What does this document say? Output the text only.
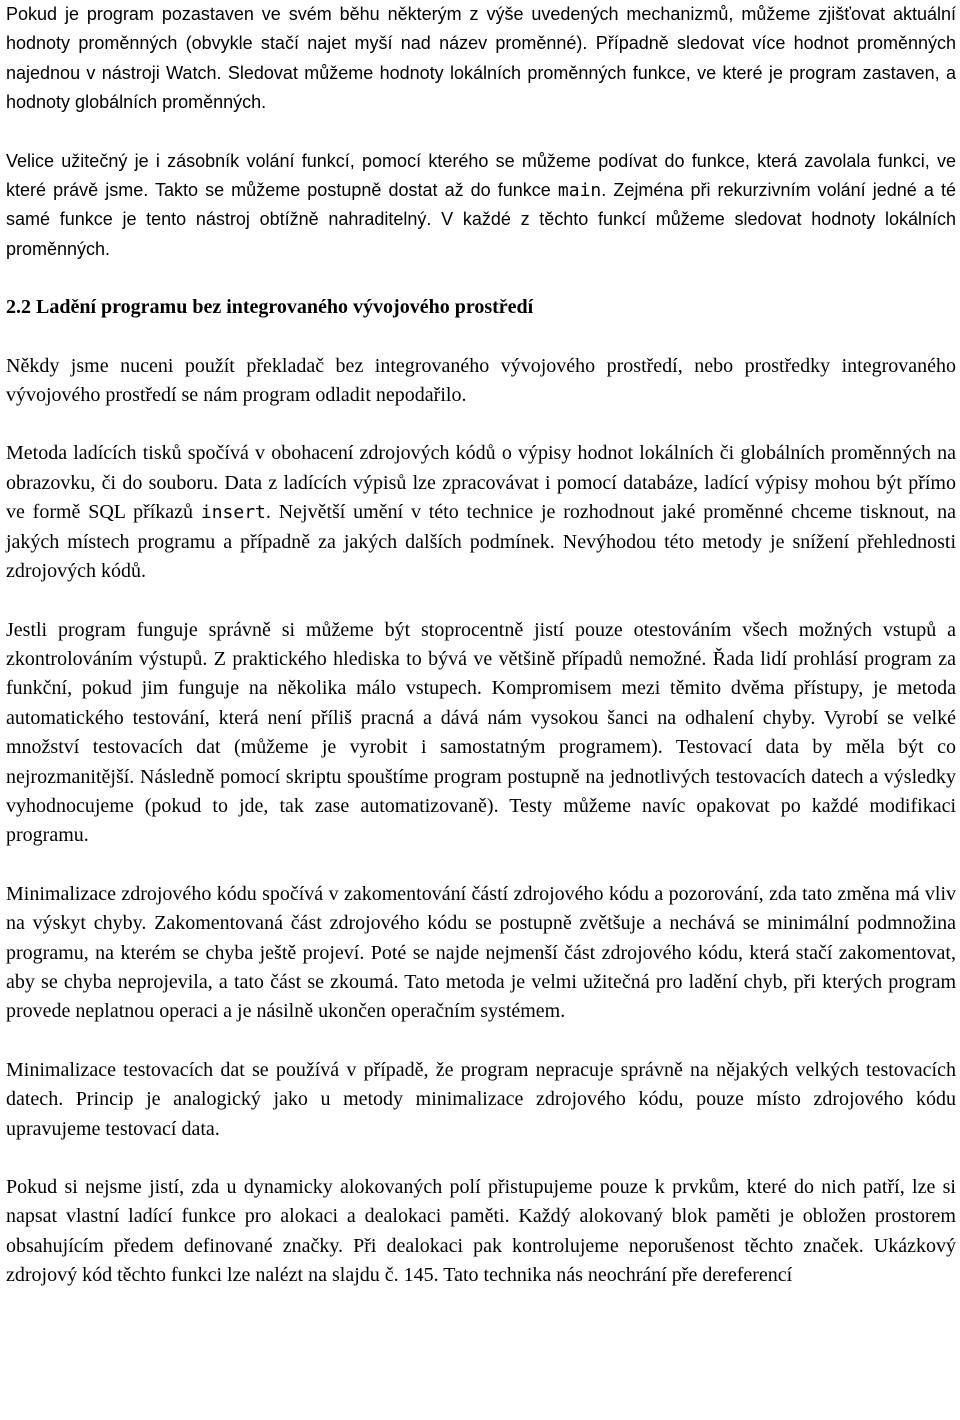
Pokud je program pozastaven ve svém běhu některým z výše uvedených mechanizmů, můžeme zjišťovat aktuální hodnoty proměnných (obvykle stačí najet myší nad název proměnné). Případně sledovat více hodnot proměnných najednou v nástroji Watch. Sledovat můžeme hodnoty lokálních proměnných funkce, ve které je program zastaven, a hodnoty globálních proměnných.

Velice užitečný je i zásobník volání funkcí, pomocí kterého se můžeme podívat do funkce, která zavolala funkci, ve které právě jsme. Takto se můžeme postupně dostat až do funkce main. Zejména při rekurzivním volání jedné a té samé funkce je tento nástroj obtížně nahraditelný. V každé z těchto funkcí můžeme sledovat hodnoty lokálních proměnných.

2.2 Ladění programu bez integrovaného vývojového prostředí

Někdy jsme nuceni použít překladač bez integrovaného vývojového prostředí, nebo prostředky integrovaného vývojového prostředí se nám program odladit nepodařilo.

Metoda ladících tisků spočívá v obohacení zdrojových kódů o výpisy hodnot lokálních či globálních proměnných na obrazovku, či do souboru. Data z ladících výpisů lze zpracovávat i pomocí databáze, ladící výpisy mohou být přímo ve formě SQL příkazů insert. Největší umění v této technice je rozhodnout jaké proměnné chceme tisknout, na jakých místech programu a případně za jakých dalších podmínek. Nevýhodou této metody je snížení přehlednosti zdrojových kódů.

Jestli program funguje správně si můžeme být stoprocentně jistí pouze otestováním všech možných vstupů a zkontrolováním výstupů. Z praktického hlediska to bývá ve většině případů nemožné. Řada lidí prohlásí program za funkční, pokud jim funguje na několika málo vstupech. Kompromisem mezi těmito dvěma přístupy, je metoda automatického testování, která není příliš pracná a dává nám vysokou šanci na odhalení chyby. Vyrobí se velké množství testovacích dat (můžeme je vyrobit i samostatným programem). Testovací data by měla být co nejrozmanitější. Následně pomocí skriptu spouštíme program postupně na jednotlivých testovacích datech a výsledky vyhodnocujeme (pokud to jde, tak zase automatizovaně). Testy můžeme navíc opakovat po každé modifikaci programu.

Minimalizace zdrojového kódu spočívá v zakomentování částí zdrojového kódu a pozorování, zda tato změna má vliv na výskyt chyby. Zakomentovaná část zdrojového kódu se postupně zvětšuje a nechává se minimální podmnožina programu, na kterém se chyba ještě projeví. Poté se najde nejmenší část zdrojového kódu, která stačí zakomentovat, aby se chyba neprojevila, a tato část se zkoumá. Tato metoda je velmi užitečná pro ladění chyb, při kterých program provede neplatnou operaci a je násilně ukončen operačním systémem.

Minimalizace testovacích dat se používá v případě, že program nepracuje správně na nějakých velkých testovacích datech. Princip je analogický jako u metody minimalizace zdrojového kódu, pouze místo zdrojového kódu upravujeme testovací data.

Pokud si nejsme jistí, zda u dynamicky alokovaných polí přistupujeme pouze k prvkům, které do nich patří, lze si napsat vlastní ladící funkce pro alokaci a dealokaci paměti. Každý alokovaný blok paměti je obložen prostorem obsahujícím předem definované značky. Při dealokaci pak kontrolujeme neporušenost těchto značek. Ukázkový zdrojový kód těchto funkci lze nalézt na slajdu č. 145. Tato technika nás neochrání pře dereferencí
